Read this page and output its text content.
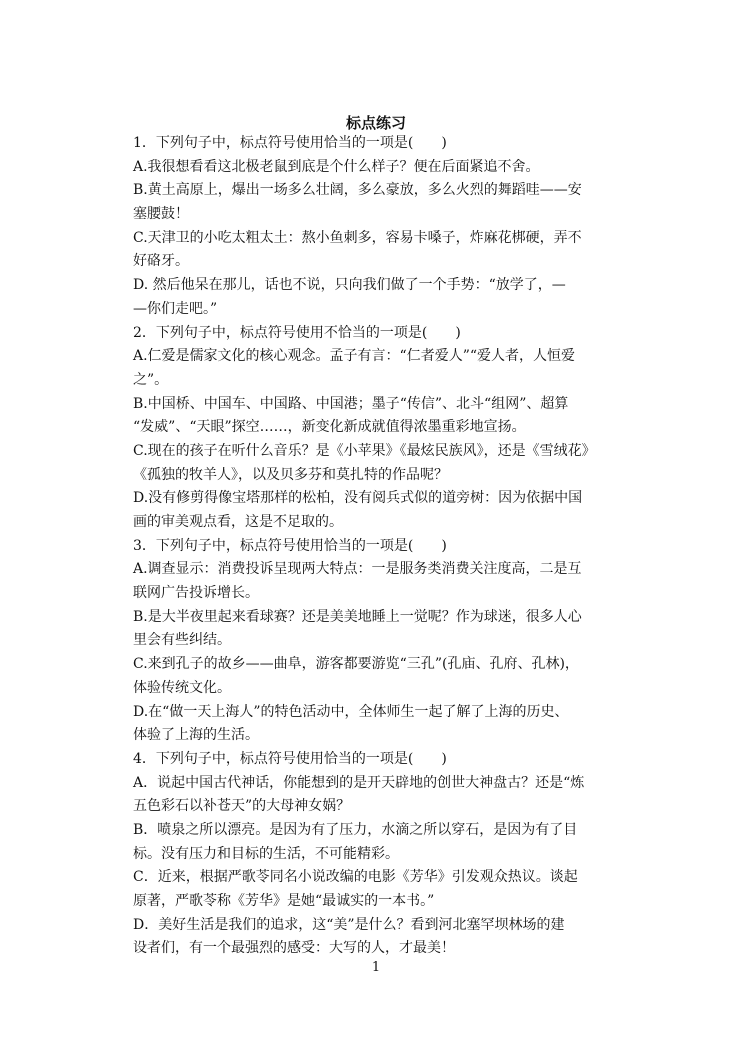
标点练习
1．下列句子中，标点符号使用恰当的一项是(　　)
A.我很想看看这北极老鼠到底是个什么样子？便在后面紧追不舍。
B.黄土高原上，爆出一场多么壮阔，多么豪放，多么火烈的舞蹈哇——安
塞腰鼓！
C.天津卫的小吃太粗太土：熬小鱼刺多，容易卡嗓子，炸麻花梆硬，弄不
好硌牙。
D. 然后他呆在那儿，话也不说，只向我们做了一个手势：“放学了，—
—你们走吧。”
2．下列句子中，标点符号使用不恰当的一项是(　　)
A.仁爱是儒家文化的核心观念。孟子有言：“仁者爱人”“爱人者，人恒爱
之”。
B.中国桥、中国车、中国路、中国港；墨子“传信”、北斗“组网”、超算
“发威”、“天眼”探空……，新变化新成就值得浓墨重彩地宣扬。
C.现在的孩子在听什么音乐？是《小苹果》《最炫民族风》，还是《雪绒花》
《孤独的牧羊人》，以及贝多芬和莫扎特的作品呢？
D.没有修剪得像宝塔那样的松柏，没有阅兵式似的道旁树：因为依据中国
画的审美观点看，这是不足取的。
3．下列句子中，标点符号使用恰当的一项是(　　)
A.调查显示：消费投诉呈现两大特点：一是服务类消费关注度高，二是互
联网广告投诉增长。
B.是大半夜里起来看球赛？还是美美地睡上一觉呢？作为球迷，很多人心
里会有些纠结。
C.来到孔子的故乡——曲阜，游客都要游览“三孔”(孔庙、孔府、孔林)，
体验传统文化。
D.在“做一天上海人”的特色活动中，全体师生一起了解了上海的历史、
体验了上海的生活。
4．下列句子中，标点符号使用恰当的一项是(　　)
A．说起中国古代神话，你能想到的是开天辟地的创世大神盘古？还是“炼
五色彩石以补苍天”的大母神女娲？
B．喷泉之所以漂亮。是因为有了压力，水滴之所以穿石，是因为有了目
标。没有压力和目标的生活，不可能精彩。
C．近来，根据严歌苓同名小说改编的电影《芳华》引发观众热议。谈起
原著，严歌苓称《芳华》是她“最诚实的一本书。”
D．美好生活是我们的追求，这“美”是什么？看到河北塞罕坝林场的建
设者们，有一个最强烈的感受：大写的人，才最美！
1
